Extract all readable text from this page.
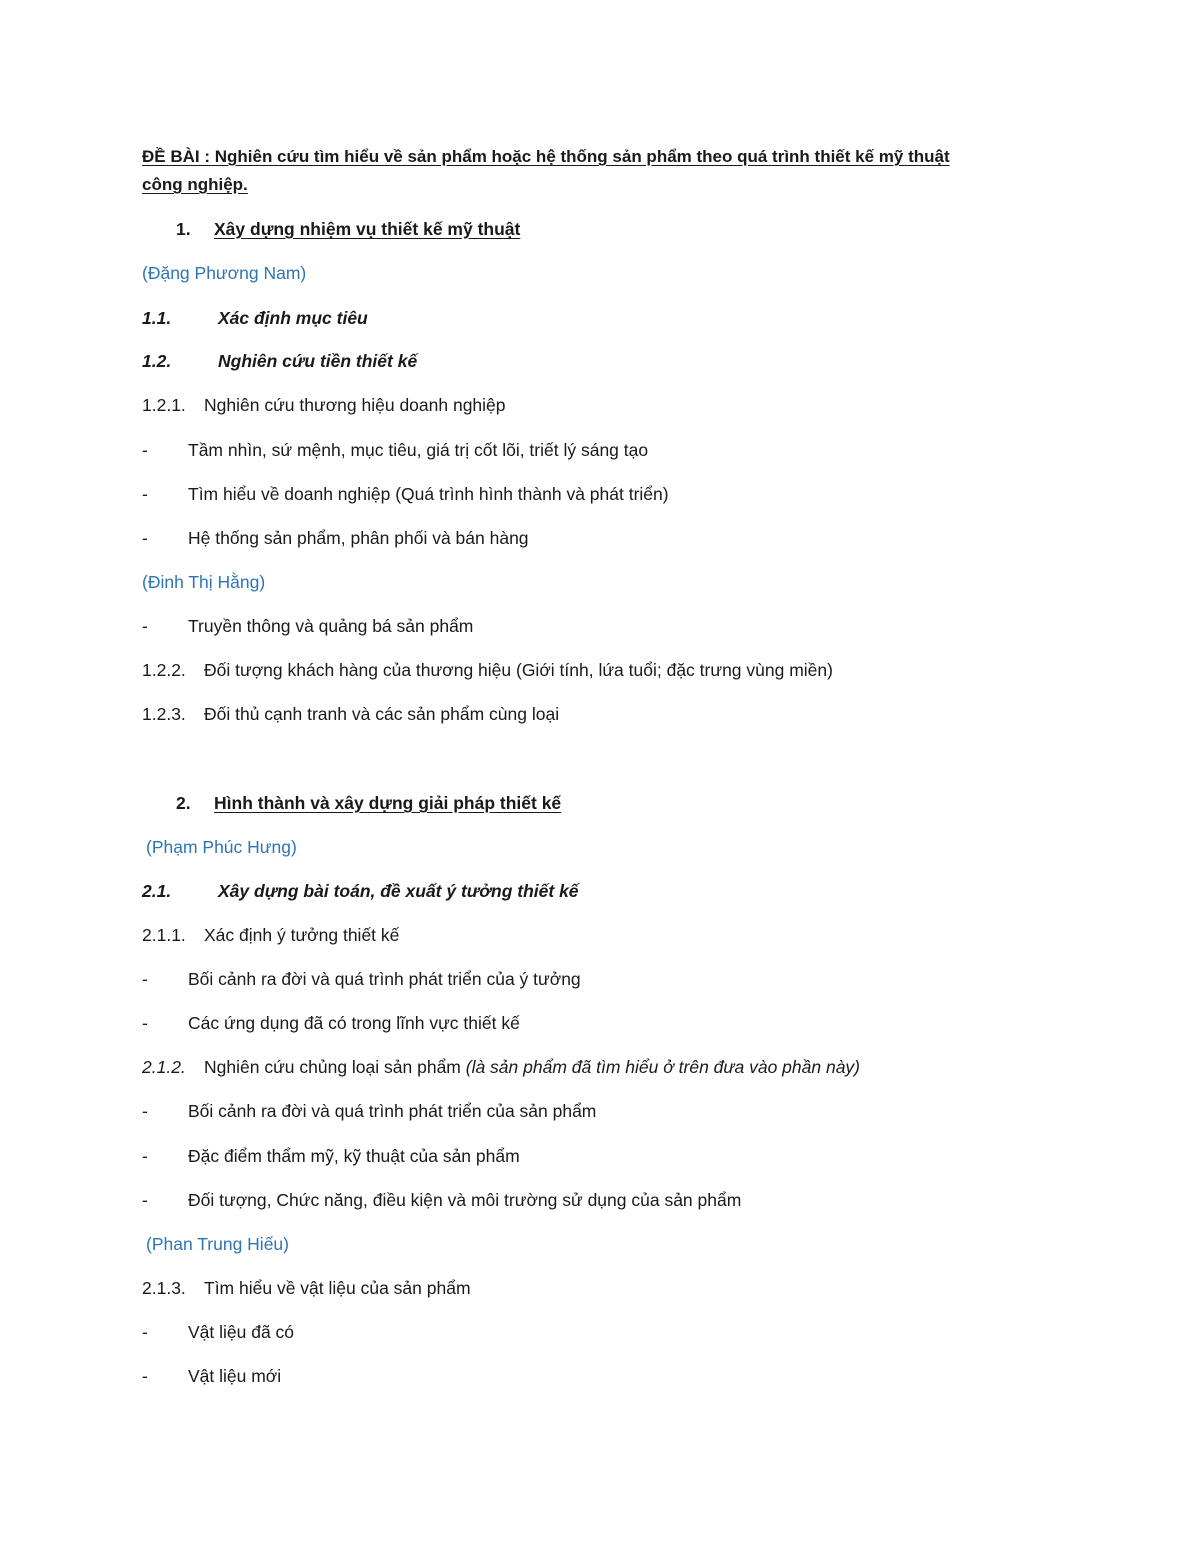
ĐỀ BÀI : Nghiên cứu tìm hiểu về sản phẩm hoặc hệ thống sản phẩm theo quá trình thiết kế mỹ thuật
công nghiệp.
1. Xây dựng nhiệm vụ thiết kế mỹ thuật
(Đặng Phương Nam)
1.1.	Xác định mục tiêu
1.2.	Nghiên cứu tiền thiết kế
1.2.1. Nghiên cứu thương hiệu doanh nghiệp
- Tầm nhìn, sứ mệnh, mục tiêu, giá trị cốt lõi, triết lý sáng tạo
- Tìm hiểu về doanh nghiệp (Quá trình hình thành và phát triển)
- Hệ thống sản phẩm, phân phối và bán hàng
(Đinh Thị Hằng)
- Truyền thông và quảng bá sản phẩm
1.2.2. Đối tượng khách hàng của thương hiệu (Giới tính, lứa tuổi; đặc trưng vùng miền)
1.2.3. Đối thủ cạnh tranh và các sản phẩm cùng loại
2. Hình thành và xây dựng giải pháp thiết kế
(Phạm Phúc Hưng)
2.1.	Xây dựng bài toán, đề xuất ý tưởng thiết kế
2.1.1. Xác định ý tưởng thiết kế
- Bối cảnh ra đời và quá trình phát triển của ý tưởng
- Các ứng dụng đã có trong lĩnh vực thiết kế
2.1.2. Nghiên cứu chủng loại sản phẩm (là sản phẩm đã tìm hiểu ở trên đưa vào phần này)
- Bối cảnh ra đời và quá trình phát triển của sản phẩm
- Đặc điểm thẩm mỹ, kỹ thuật của sản phẩm
- Đối tượng, Chức năng, điều kiện và môi trường sử dụng của sản phẩm
(Phan Trung Hiếu)
2.1.3. Tìm hiểu về vật liệu của sản phẩm
- Vật liệu đã có
- Vật liệu mới
